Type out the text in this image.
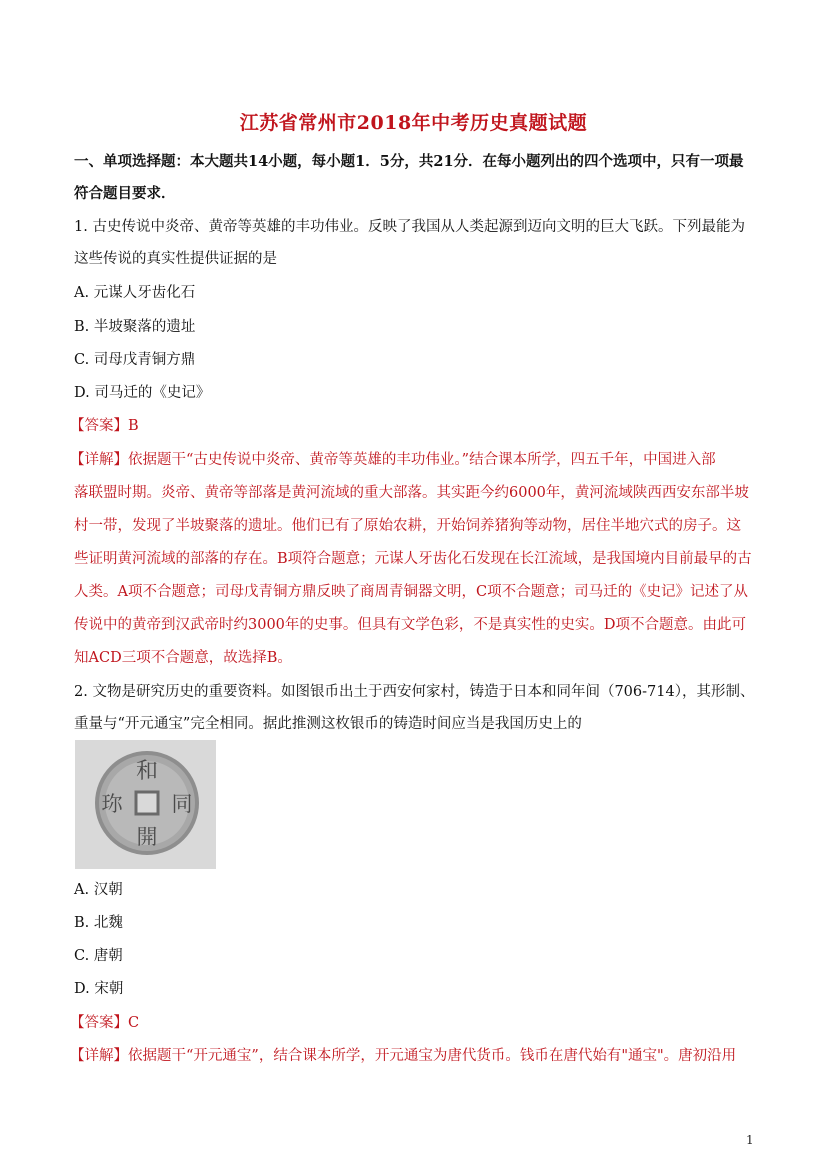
江苏省常州市2018年中考历史真题试题
一、单项选择题：本大题共14小题，每小题1．5分，共21分．在每小题列出的四个选项中，只有一项最
符合题目要求．
1. 古史传说中炎帝、黄帝等英雄的丰功伟业。反映了我国从人类起源到迈向文明的巨大飞跃。下列最能为
这些传说的真实性提供证据的是
A. 元谋人牙齿化石
B. 半坡聚落的遗址
C. 司母戊青铜方鼎
D. 司马迁的《史记》
【答案】B
【详解】依据题干“古史传说中炎帝、黄帝等英雄的丰功伟业。”结合课本所学，四五千年，中国进入部
落联盟时期。炎帝、黄帝等部落是黄河流域的重大部落。其实距今约6000年，黄河流域陕西西安东部半坡
村一带，发现了半坡聚落的遗址。他们已有了原始农耕，开始饲养猪狗等动物，居住半地穴式的房子。这
些证明黄河流域的部落的存在。B项符合题意；元谋人牙齿化石发现在长江流域，是我国境内目前最早的古
人类。A项不合题意；司母戊青铜方鼎反映了商周青铜器文明，C项不合题意；司马迁的《史记》记述了从
传说中的黄帝到汉武帝时约3000年的史事。但具有文学色彩，不是真实性的史实。D项不合题意。由此可
知ACD三项不合题意，故选择B。
2. 文物是研究历史的重要资料。如图银币出土于西安何家村，铸造于日本和同年间（706-714），其形制、
重量与“开元通宝”完全相同。据此推测这枚银币的铸造时间应当是我国历史上的
和
同
開
珎
A. 汉朝
B. 北魏
C. 唐朝
D. 宋朝
【答案】C
【详解】依据题干“开元通宝”，结合课本所学，开元通宝为唐代货币。钱币在唐代始有"通宝"。唐初沿用
1
